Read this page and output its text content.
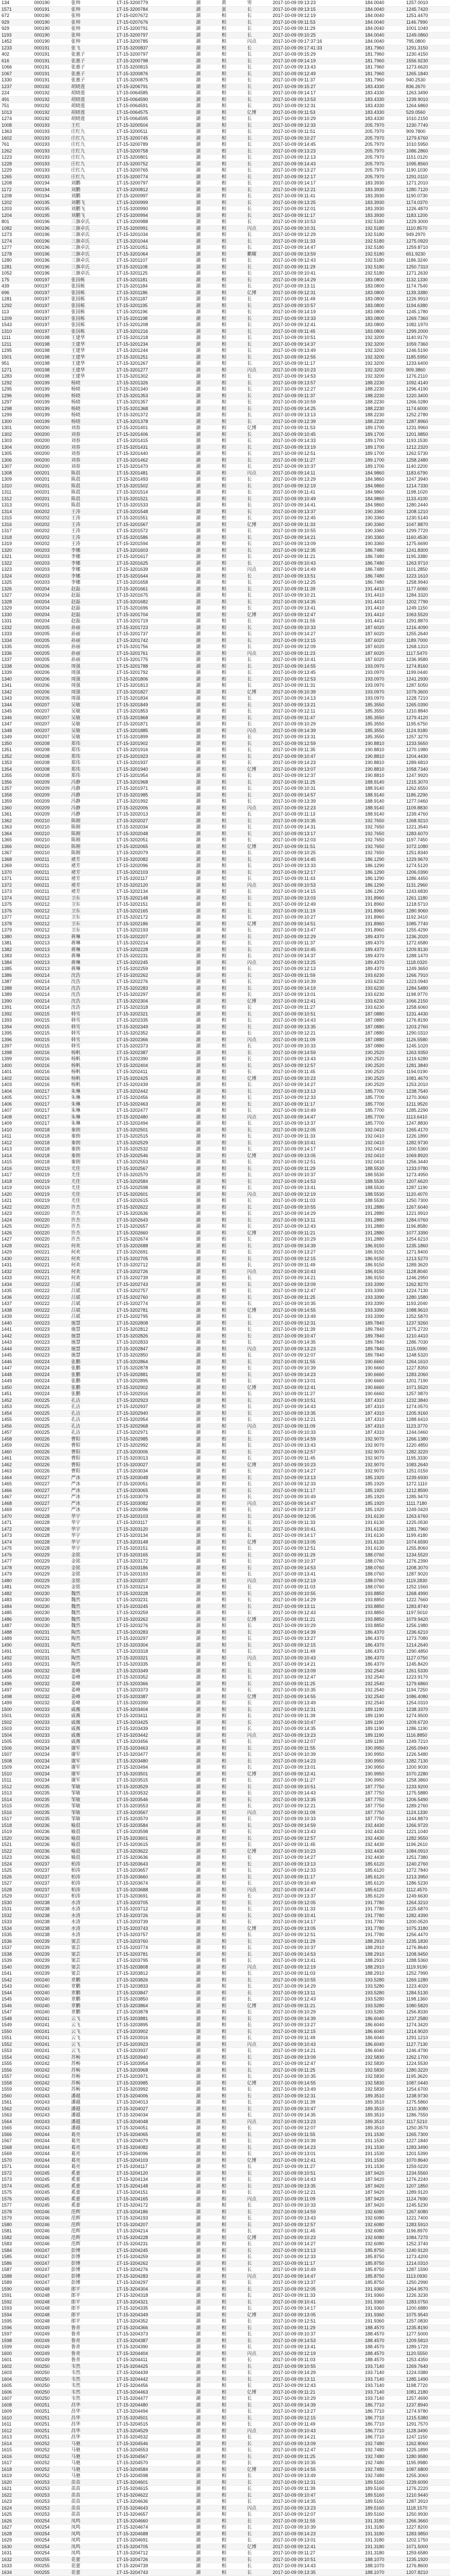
134	000190	张帅	1T-15-3200779	湖	黄	男	2017-10-09 09:13:23	184.0040	1257.0010
1571	000191	张帅	1T-15-3200784	湖	蛋	长	2017-10-09 09:13:15	184.0040	1245.7420
672	000190	张帅	1T-15-0207672	湖	相	长	2017-10-09 09:12:19	184.0040	1251.4470
929	000190	张帅	1T-15-0207676	湖	相	长	2017-10-09 09:11:53	184.0040	1146.7990
929	000190	张帅	1T-15-3200791	湖	相	长	2017-10-09 09:11:29	184.0040	1001.1040
1193	000190	张帅	1T-15-3200797	湖	相	长	2017-10-09 09:10:25	184.0040	1249.0860
1452	000190	张帅	1T-15-3200785	湖	相	闪点	2017-10-09 09:17:37:16	184.0040	795.0800
1233	000191	张飞	1T-15-3200837	湖	相	长	2017-10-09 09:17:41:33	181.7960	1291.3150
402	000191	张惠子	1T-15-3200797	湖	相	长	2017-10-09 09:15:29	181.7960	1230.4150
616	000191	张惠子	1T-15-3200798	湖	相	长	2017-10-09 09:14:19	181.7960	1556.9230
1066	000191	张惠子	1T-15-3200815	湖	相	长	2017-10-09 09:13:43	181.7960	1273.6620
1067	000191	张惠子	1T-15-3200876	湖	相	长	2017-10-09 09:12:49	181.7960	1265.1840
1330	000191	张惠子	1T-15-3200875	湖	相	长	2017-10-09 09:11:37	181.7960	940.2530
1237	000192	胡晓莲	1T-15-3206791	湖	相	长	2017-10-09 09:15:27	183.4330	836.2670
224	000192	胡晓莲	1T-15-0064585	湖	相	长	2017-10-09 09:14:17	183.4330	1263.3490
491	000192	胡晓莲	1T-15-0064590	湖	相	长	2017-10-09 09:13:53	183.4330	1239.9010
751	000192	胡晓莲	1T-15-0064591	湖	相	长	2017-10-09 09:12:31	183.4330	1264.6860
1013	000192	胡晓莲	1T-15-0064575	湖	相	亿博	2017-10-09 09:11:53	183.4330	529.0560
1274	000192	胡晓莲	1T-15-0064595	湖	相	长	2017-10-09 09:10:29	183.4330	1010.2150
1008	000193	王红	1T-15-3200504	湖	相	长	2017-10-09 09:12:33	205.7970	1230.7740
1363	000193	庄红九	1T-15-3200511	湖	相	长	2017-10-09 09:11:51	205.7970	909.7800
1602	000193	庄红九	1T-15-3200745	湖	相	长	2017-10-09 09:10:27	205.7970	1279.6760
761	000193	庄红九	1T-15-3200789	湖	相	长	2017-10-09 09:14:45	205.7970	1010.5950
1262	000193	庄红九	1T-15-3200758	湖	相	长	2017-10-09 09:13:23	205.7970	1086.2860
1223	000193	庄红九	1T-15-3200801	湖	相	长	2017-10-09 09:12:13	205.7970	1151.0120
1228	000193	庄红九	1T-15-3200752	湖	相	长	2017-10-09 09:14:43	205.7970	1095.8560
1229	000193	庄红九	1T-15-3200765	湖	相	长	2017-10-09 09:13:27	205.7970	1190.1030
1265	000193	庄红九	1T-15-3200774	湖	相	长	2017-10-09 09:12:17	205.7970	1291.0110
1208	000194	刘鹏	1T-15-3200797	湖	相	长	2017-10-09 09:14:17	183.3930	1271.2010
1172	000194	刘鹏	1T-15-3200812	湖	相	长	2017-10-09 09:12:21	183.3930	1280.7120
1208	000194	刘鹏	1T-15-3200997	湖	相	长	2017-10-09 09:11:41	183.3930	1190.0730
1202	000195	刘鹏飞	1T-15-3200999	湖	相	长	2017-10-09 09:13:25	183.3930	1174.0370
1203	000195	刘鹏飞	1T-15-3200990	湖	相	长	2017-10-09 09:12:01	183.3930	1226.4870
1204	000195	刘鹏飞	1T-15-3200994	湖	相	长	2017-10-09 09:11:17	183.3930	1183.1200
801	000196	三旗卓氏	1T-15-3200988	湖	相	长	2017-10-09 09:10:53	192.5180	1229.3000
1082	000196	三旗卓氏	1T-15-3200991	湖	相	闪点	2017-10-09 09:10:31	192.5180	1110.8570
1273	000196	三旗卓氏	1T-15-3201034	湖	相	长	2017-10-09 09:12:29	192.5180	949.2970
1274	000196	三旗卓氏	1T-15-3201044	湖	相	长	2017-10-09 09:11:33	192.5180	1275.0920
1277	000196	三旗卓氏	1T-15-3201051	湖	相	长	2017-10-09 09:14:47	192.5180	1259.8710
1278	000196	三旗卓氏	1T-15-3201064	湖	相	鹏耀	2017-10-09 09:13:59	192.5180	651.9230
1280	000196	三旗卓氏	1T-15-3201107	湖	相	长	2017-10-09 09:12:43	192.5180	1186.3240
1281	000196	三旗卓氏	1T-15-3201108	湖	相	长	2017-10-09 09:11:29	192.5180	1250.7310
1052	000196	三旗卓氏	1T-15-3201125	湖	相	长	2017-10-09 09:10:41	192.5180	1271.2630
175	000197	张国栋	1T-15-3201181	湖	相	长	2017-10-09 09:14:29	183.0800	1132.1330
439	000197	张国栋	1T-15-3201184	湖	相	长	2017-10-09 09:13:11	183.0800	1174.7540
696	000197	张国栋	1T-15-3201186	湖	相	亿博	2017-10-09 09:12:31	183.0800	1139.3380
1281	000197	张国栋	1T-15-3201187	湖	相	长	2017-10-09 09:11:49	183.0800	1226.9910
1292	000197	张国栋	1T-15-3201195	湖	相	长	2017-10-09 09:10:57	183.0800	1194.6380
113	000197	张国栋	1T-15-3201196	湖	相	长	2017-10-09 09:14:19	183.0800	1245.1780
1209	000197	张国栋	1T-15-3201198	湖	相	长	2017-10-09 09:13:33	183.0800	1269.7360
1543	000197	张国栋	1T-15-3201208	湖	相	长	2017-10-09 09:12:41	183.0800	1082.1970
1310	000197	张国栋	1T-15-3201216	湖	相	长	2017-10-09 09:11:45	183.0800	1299.2000
1111	000198	王建华	1T-15-3201218	湖	相	长	2017-10-09 09:10:51	192.3200	1140.9170
1211	000198	王建华	1T-15-3201234	湖	相	长	2017-10-09 09:14:37	192.3200	1059.7360
1295	000198	王建华	1T-15-3201244	湖	相	长	2017-10-09 09:13:49	192.3200	1246.5190
1501	000198	王建华	1T-15-3201251	湖	相	长	2017-10-09 09:12:55	192.3200	1185.5950
951	000198	王建华	1T-15-3201267	湖	相	长	2017-10-09 09:11:17	192.3200	1233.6400
1271	000198	王建华	1T-15-3201277	湖	相	闪点	2017-10-09 09:10:23	192.3200	909.3860
1283	000198	王建华	1T-15-3201302	湖	相	长	2017-10-09 09:14:53	192.3200	1276.2110
1292	000199	杨晓	1T-15-3201326	湖	相	长	2017-10-09 09:13:57	188.2230	1092.4140
1295	000199	杨晓	1T-15-3201340	湖	相	长	2017-10-09 09:12:27	188.2230	1296.4190
1296	000199	杨晓	1T-15-3201353	湖	相	长	2017-10-09 09:11:37	188.2230	1220.3400
1297	000199	杨晓	1T-15-3201357	湖	相	长	2017-10-09 09:10:59	188.2230	1266.0280
1298	000199	杨晓	1T-15-3201368	湖	相	长	2017-10-09 09:14:25	188.2230	1174.6000
1299	000199	杨晓	1T-15-3201372	湖	相	长	2017-10-09 09:13:13	188.2230	1252.2780
1300	000199	杨晓	1T-15-3201378	湖	相	长	2017-10-09 09:12:39	188.2230	1287.8960
1301	000200	刘春	1T-15-3201401	湖	相	亿博	2017-10-09 09:11:53	189.1700	1231.9960
1302	000200	刘春	1T-15-3201406	湖	相	长	2017-10-09 09:10:45	189.1700	1201.9850
1303	000200	刘春	1T-15-3201415	湖	相	长	2017-10-09 09:14:33	189.1700	1193.1530
1304	000200	刘春	1T-15-3201431	湖	相	长	2017-10-09 09:13:19	189.1700	1212.2320
1305	000200	刘春	1T-15-3201440	湖	相	长	2017-10-09 09:12:51	189.1700	1262.5730
1306	000200	刘春	1T-15-3201462	湖	相	长	2017-10-09 09:11:27	189.1700	1258.2480
1307	000200	刘春	1T-15-3201470	湖	相	长	2017-10-09 09:10:37	189.1700	1140.2200
1308	000201	陈晨	1T-15-3201481	湖	相	闪点	2017-10-09 09:14:11	184.9860	1183.6790
1309	000201	陈晨	1T-15-3201493	湖	相	长	2017-10-09 09:13:29	184.9860	1247.3940
1310	000201	陈晨	1T-15-3201502	湖	相	长	2017-10-09 09:12:19	184.9860	1214.7330
1311	000201	陈晨	1T-15-3201514	湖	相	长	2017-10-09 09:11:41	184.9860	1198.1020
1312	000201	陈晨	1T-15-3201521	湖	相	长	2017-10-09 09:10:49	184.9860	1133.4100
1313	000201	陈晨	1T-15-3201533	湖	相	长	2017-10-09 09:14:41	184.9860	1280.2440
1314	000202	王涛	1T-15-3201548	湖	相	长	2017-10-09 09:13:37	190.3360	1208.1210
1315	000202	王涛	1T-15-3201551	湖	相	长	2017-10-09 09:12:45	190.3360	1230.5140
1316	000202	王涛	1T-15-3201567	湖	相	亿博	2017-10-09 09:11:33	190.3360	1047.8870
1317	000202	王涛	1T-15-3201572	湖	相	长	2017-10-09 09:10:55	190.3360	1299.7720
1318	000202	王涛	1T-15-3201586	湖	相	长	2017-10-09 09:14:21	190.3360	1160.4530
1319	000202	王涛	1T-15-3201594	湖	相	长	2017-10-09 09:13:09	190.3360	1275.6690
1320	000203	李娜	1T-15-3201603	湖	相	长	2017-10-09 09:12:35	186.7480	1241.8300
1321	000203	李娜	1T-15-3201617	湖	相	长	2017-10-09 09:11:21	186.7480	1195.3380
1322	000203	李娜	1T-15-3201625	湖	相	长	2017-10-09 09:10:43	186.7480	1263.9710
1323	000203	李娜	1T-15-3201639	湖	相	闪点	2017-10-09 09:14:49	186.7480	1101.2850
1324	000203	李娜	1T-15-3201644	湖	相	长	2017-10-09 09:13:51	186.7480	1223.1610
1325	000203	李娜	1T-15-3201658	湖	相	长	2017-10-09 09:12:25	186.7480	1258.9940
1326	000204	赵磊	1T-15-3201661	湖	相	长	2017-10-09 09:11:39	191.4410	1177.6060
1327	000204	赵磊	1T-15-3201675	湖	相	长	2017-10-09 09:10:21	191.4410	1284.3320
1328	000204	赵磊	1T-15-3201682	湖	相	长	2017-10-09 09:14:35	191.4410	1202.7790
1329	000204	赵磊	1T-15-3201696	湖	相	长	2017-10-09 09:13:41	191.4410	1249.1150
1330	000204	赵磊	1T-15-3201704	湖	相	亿博	2017-10-09 09:12:47	191.4410	1063.5520
1331	000204	赵磊	1T-15-3201719	湖	相	长	2017-10-09 09:11:55	191.4410	1291.8870
1332	000205	孙丽	1T-15-3201723	湖	相	长	2017-10-09 09:10:33	187.6020	1216.4090
1333	000205	孙丽	1T-15-3201737	湖	相	长	2017-10-09 09:14:27	187.6020	1255.2640
1334	000205	孙丽	1T-15-3201742	湖	相	长	2017-10-09 09:13:15	187.6020	1189.7000
1335	000205	孙丽	1T-15-3201756	湖	相	长	2017-10-09 09:12:09	187.6020	1268.1310
1336	000205	孙丽	1T-15-3201761	湖	相	闪点	2017-10-09 09:11:23	187.6020	1117.5470
1337	000205	孙丽	1T-15-3201775	湖	相	长	2017-10-09 09:10:41	187.6020	1236.9580
1338	000206	周强	1T-15-3201788	湖	相	长	2017-10-09 09:14:55	193.0970	1274.8160
1339	000206	周强	1T-15-3201792	湖	相	长	2017-10-09 09:13:45	193.0970	1199.0440
1340	000206	周强	1T-15-3201806	湖	相	长	2017-10-09 09:12:53	193.0970	1241.2930
1341	000206	周强	1T-15-3201813	湖	相	长	2017-10-09 09:11:31	193.0970	1287.5050
1342	000206	周强	1T-15-3201827	湖	相	亿博	2017-10-09 09:10:39	193.0970	1079.3600
1343	000206	周强	1T-15-3201834	湖	相	长	2017-10-09 09:14:13	193.0970	1228.7210
1344	000207	吴敏	1T-15-3201849	湖	相	长	2017-10-09 09:13:21	185.3550	1265.0390
1345	000207	吴敏	1T-15-3201853	湖	相	长	2017-10-09 09:12:11	185.3550	1210.8840
1346	000207	吴敏	1T-15-3201868	湖	相	长	2017-10-09 09:11:47	185.3550	1279.4120
1347	000207	吴敏	1T-15-3201871	湖	相	长	2017-10-09 09:10:29	185.3550	1195.6750
1348	000207	吴敏	1T-15-3201885	湖	相	闪点	2017-10-09 09:14:39	185.3550	1124.9180
1349	000207	吴敏	1T-15-3201899	湖	相	长	2017-10-09 09:13:31	185.3550	1257.3270
1350	000208	郑伟	1T-15-3201902	湖	相	长	2017-10-09 09:12:59	190.8810	1233.5650
1351	000208	郑伟	1T-15-3201916	湖	相	长	2017-10-09 09:11:35	190.8810	1270.1980
1352	000208	郑伟	1T-15-3201923	湖	相	长	2017-10-09 09:10:47	190.8810	1204.4430
1353	000208	郑伟	1T-15-3201937	湖	相	长	2017-10-09 09:14:23	190.8810	1289.6810
1354	000208	郑伟	1T-15-3201940	湖	相	亿博	2017-10-09 09:13:07	190.8810	1058.7340
1355	000208	郑伟	1T-15-3201954	湖	相	长	2017-10-09 09:12:37	190.8810	1247.9920
1356	000209	冯静	1T-15-3201968	湖	相	长	2017-10-09 09:11:25	188.9140	1215.3070
1357	000209	冯静	1T-15-3201971	湖	相	长	2017-10-09 09:10:31	188.9140	1262.6550
1358	000209	冯静	1T-15-3201985	湖	相	长	2017-10-09 09:14:57	188.9140	1186.2290
1359	000209	冯静	1T-15-3201992	湖	相	长	2017-10-09 09:13:39	188.9140	1277.0460
1360	000209	冯静	1T-15-3202006	湖	相	闪点	2017-10-09 09:12:23	188.9140	1109.8830
1361	000209	冯静	1T-15-3202013	湖	相	长	2017-10-09 09:11:13	188.9140	1239.4760
1362	000210	陈刚	1T-15-3202027	湖	相	长	2017-10-09 09:10:35	192.7650	1268.9210
1363	000210	陈刚	1T-15-3202034	湖	相	长	2017-10-09 09:14:31	192.7650	1221.3540
1364	000210	陈刚	1T-15-3202048	湖	相	长	2017-10-09 09:13:17	192.7650	1283.6070
1365	000210	陈刚	1T-15-3202051	湖	相	长	2017-10-09 09:12:03	192.7650	1197.7450
1366	000210	陈刚	1T-15-3202065	湖	相	亿博	2017-10-09 09:11:51	192.7650	1072.1080
1367	000210	陈刚	1T-15-3202079	湖	相	长	2017-10-09 09:10:25	192.7650	1251.8340
1368	000211	褚芳	1T-15-3202082	湖	相	长	2017-10-09 09:14:45	186.1290	1229.9670
1369	000211	褚芳	1T-15-3202096	湖	相	长	2017-10-09 09:13:33	186.1290	1274.5120
1370	000211	褚芳	1T-15-3202103	湖	相	长	2017-10-09 09:12:17	186.1290	1206.0390
1371	000211	褚芳	1T-15-3202117	湖	相	长	2017-10-09 09:11:43	186.1290	1286.4450
1372	000211	褚芳	1T-15-3202120	湖	相	闪点	2017-10-09 09:10:53	186.1290	1131.2960
1373	000211	褚芳	1T-15-3202134	湖	相	长	2017-10-09 09:14:15	186.1290	1243.6830
1374	000212	卫东	1T-15-3202148	湖	相	长	2017-10-09 09:13:03	191.8960	1261.1180
1375	000212	卫东	1T-15-3202151	湖	相	长	2017-10-09 09:12:49	191.8960	1218.5710
1376	000212	卫东	1T-15-3202165	湖	相	长	2017-10-09 09:11:19	191.8960	1280.9060
1377	000212	卫东	1T-15-3202172	湖	相	长	2017-10-09 09:10:27	191.8960	1192.3410
1378	000212	卫东	1T-15-3202186	湖	相	亿博	2017-10-09 09:14:51	191.8960	1085.7740
1379	000212	卫东	1T-15-3202193	湖	相	长	2017-10-09 09:13:47	191.8960	1255.4290
1380	000213	蒋琳	1T-15-3202207	湖	相	长	2017-10-09 09:12:29	189.4370	1236.2020
1381	000213	蒋琳	1T-15-3202214	湖	相	长	2017-10-09 09:11:37	189.4370	1272.6580
1382	000213	蒋琳	1T-15-3202228	湖	相	长	2017-10-09 09:10:45	189.4370	1209.8130
1383	000213	蒋琳	1T-15-3202231	湖	相	长	2017-10-09 09:14:37	189.4370	1288.1470
1384	000213	蒋琳	1T-15-3202245	湖	相	闪点	2017-10-09 09:13:25	189.4370	1118.0320
1385	000213	蒋琳	1T-15-3202259	湖	相	长	2017-10-09 09:12:13	189.4370	1249.3650
1386	000214	沈浩	1T-15-3202262	湖	相	长	2017-10-09 09:11:59	193.6230	1266.7910
1387	000214	沈浩	1T-15-3202276	湖	相	长	2017-10-09 09:10:39	193.6230	1223.0940
1388	000214	沈浩	1T-15-3202283	湖	相	长	2017-10-09 09:14:19	193.6230	1284.5480
1389	000214	沈浩	1T-15-3202297	湖	相	长	2017-10-09 09:13:01	193.6230	1198.9770
1390	000214	沈浩	1T-15-3202304	湖	相	亿博	2017-10-09 09:12:41	193.6230	1066.2150
1391	000214	沈浩	1T-15-3202318	湖	相	长	2017-10-09 09:11:27	193.6230	1258.6060
1392	000215	韩雪	1T-15-3202321	湖	相	长	2017-10-09 09:10:51	187.0880	1231.4430
1393	000215	韩雪	1T-15-3202335	湖	相	长	2017-10-09 09:14:43	187.0880	1276.8190
1394	000215	韩雪	1T-15-3202349	湖	相	长	2017-10-09 09:13:35	187.0880	1203.2760
1395	000215	韩雪	1T-15-3202352	湖	相	长	2017-10-09 09:12:21	187.0880	1290.0310
1396	000215	韩雪	1T-15-3202366	湖	相	闪点	2017-10-09 09:11:09	187.0880	1126.5580
1397	000215	韩雪	1T-15-3202373	湖	相	长	2017-10-09 09:10:33	187.0880	1245.1020
1398	000216	杨帆	1T-15-3202387	湖	相	长	2017-10-09 09:14:59	190.2520	1263.9350
1399	000216	杨帆	1T-15-3202390	湖	相	长	2017-10-09 09:13:43	190.2520	1219.6280
1400	000216	杨帆	1T-15-3202404	湖	相	长	2017-10-09 09:12:57	190.2520	1281.3840
1401	000216	杨帆	1T-15-3202411	湖	相	长	2017-10-09 09:11:45	190.2520	1194.0190
1402	000216	杨帆	1T-15-3202425	湖	相	亿博	2017-10-09 09:10:23	190.2520	1081.4670
1403	000216	杨帆	1T-15-3202439	湖	相	长	2017-10-09 09:14:27	190.2520	1253.2010
1404	000217	朱琳	1T-15-3202442	湖	相	长	2017-10-09 09:13:13	185.7700	1238.7540
1405	000217	朱琳	1T-15-3202456	湖	相	长	2017-10-09 09:12:33	185.7700	1270.3060
1406	000217	朱琳	1T-15-3202463	湖	相	长	2017-10-09 09:11:17	185.7700	1211.9520
1407	000217	朱琳	1T-15-3202477	湖	相	长	2017-10-09 09:10:49	185.7700	1285.2290
1408	000217	朱琳	1T-15-3202480	湖	相	闪点	2017-10-09 09:14:47	185.7700	1113.6410
1409	000217	朱琳	1T-15-3202494	湖	相	长	2017-10-09 09:13:37	185.7700	1247.8830
1410	000218	秦朗	1T-15-3202501	湖	相	长	2017-10-09 09:12:05	192.0410	1265.4170
1411	000218	秦朗	1T-15-3202515	湖	相	长	2017-10-09 09:11:33	192.0410	1226.1890
1412	000218	秦朗	1T-15-3202529	湖	相	长	2017-10-09 09:10:41	192.0410	1282.9730
1413	000218	秦朗	1T-15-3202532	湖	相	长	2017-10-09 09:14:17	192.0410	1200.5360
1414	000218	秦朗	1T-15-3202546	湖	相	亿博	2017-10-09 09:13:05	192.0410	1069.8920
1415	000218	秦朗	1T-15-3202553	湖	相	长	2017-10-09 09:12:51	192.0410	1256.3440
1416	000219	尤佳	1T-15-3202567	湖	相	长	2017-10-09 09:11:29	188.5530	1233.0780
1417	000219	尤佳	1T-15-3202570	湖	相	长	2017-10-09 09:10:37	188.5530	1273.4950
1418	000219	尤佳	1T-15-3202584	湖	相	长	2017-10-09 09:14:53	188.5530	1207.6620
1419	000219	尤佳	1T-15-3202598	湖	相	长	2017-10-09 09:13:41	188.5530	1287.1190
1420	000219	尤佳	1T-15-3202601	湖	相	闪点	2017-10-09 09:12:19	188.5530	1120.4070
1421	000219	尤佳	1T-15-3202615	湖	相	长	2017-10-09 09:11:03	188.5530	1250.7300
1422	000220	许杰	1T-15-3202622	湖	相	长	2017-10-09 09:10:55	191.2880	1267.6040
1423	000220	许杰	1T-15-3202636	湖	相	长	2017-10-09 09:14:29	191.2880	1221.9910
1424	000220	许杰	1T-15-3202643	湖	相	长	2017-10-09 09:13:11	191.2880	1284.0760
1425	000220	许杰	1T-15-3202657	湖	相	长	2017-10-09 09:12:43	191.2880	1196.8580
1426	000220	许杰	1T-15-3202660	湖	相	亿博	2017-10-09 09:11:21	191.2880	1077.3390
1427	000220	许杰	1T-15-3202674	湖	相	长	2017-10-09 09:10:29	191.2880	1254.6210
1428	000221	何欢	1T-15-3202688	湖	相	长	2017-10-09 09:14:39	186.9150	1235.1860
1429	000221	何欢	1T-15-3202691	湖	相	长	2017-10-09 09:13:27	186.9150	1271.8400
1430	000221	何欢	1T-15-3202705	湖	相	长	2017-10-09 09:12:15	186.9150	1213.5270
1431	000221	何欢	1T-15-3202712	湖	相	长	2017-10-09 09:11:49	186.9150	1289.3620
1432	000221	何欢	1T-15-3202726	湖	相	闪点	2017-10-09 09:10:43	186.9150	1128.8040
1433	000221	何欢	1T-15-3202739	湖	相	长	2017-10-09 09:14:21	186.9150	1246.2950
1434	000222	吕斌	1T-15-3202743	湖	相	长	2017-10-09 09:13:09	193.3390	1262.8270
1435	000222	吕斌	1T-15-3202757	湖	相	长	2017-10-09 09:12:47	193.3390	1224.7130
1436	000222	吕斌	1T-15-3202760	湖	相	长	2017-10-09 09:11:25	193.3390	1280.1580
1437	000222	吕斌	1T-15-3202774	湖	相	长	2017-10-09 09:10:35	193.3390	1193.2040
1438	000222	吕斌	1T-15-3202781	湖	相	亿博	2017-10-09 09:14:55	193.3390	1088.9610
1439	000222	吕斌	1T-15-3202795	湖	相	长	2017-10-09 09:13:49	193.3390	1252.5870
1440	000223	施慧	1T-15-3202808	湖	相	长	2017-10-09 09:12:31	189.7840	1237.9260
1441	000223	施慧	1T-15-3202812	湖	相	长	2017-10-09 09:11:39	189.7840	1275.2720
1442	000223	施慧	1T-15-3202826	湖	相	长	2017-10-09 09:10:47	189.7840	1210.4410
1443	000223	施慧	1T-15-3202833	湖	相	长	2017-10-09 09:14:35	189.7840	1286.7030
1444	000223	施慧	1T-15-3202847	湖	相	闪点	2017-10-09 09:13:23	189.7840	1115.0990
1445	000223	施慧	1T-15-3202850	湖	相	长	2017-10-09 09:12:07	189.7840	1248.5320
1446	000224	张鹏	1T-15-3202864	湖	相	长	2017-10-09 09:11:55	190.6660	1264.1610
1447	000224	张鹏	1T-15-3202878	湖	相	长	2017-10-09 09:10:39	190.6660	1227.8350
1448	000224	张鹏	1T-15-3202881	湖	相	长	2017-10-09 09:14:23	190.6660	1283.2060
1449	000224	张鹏	1T-15-3202895	湖	相	长	2017-10-09 09:13:01	190.6660	1201.7190
1450	000224	张鹏	1T-15-3202902	湖	相	亿博	2017-10-09 09:12:41	190.6660	1071.5520
1451	000224	张鹏	1T-15-3202916	湖	相	长	2017-10-09 09:11:27	190.6660	1257.9870
1452	000225	孔洁	1T-15-3202923	湖	相	长	2017-10-09 09:10:51	187.4310	1232.3840
1453	000225	孔洁	1T-15-3202937	湖	相	长	2017-10-09 09:14:43	187.4310	1274.0570
1454	000225	孔洁	1T-15-3202940	湖	相	长	2017-10-09 09:13:35	187.4310	1205.9160
1455	000225	孔洁	1T-15-3202954	湖	相	长	2017-10-09 09:12:21	187.4310	1288.6410
1456	000225	孔洁	1T-15-3202968	湖	相	闪点	2017-10-09 09:11:09	187.4310	1123.3770
1457	000225	孔洁	1T-15-3202971	湖	相	长	2017-10-09 09:10:33	187.4310	1244.0460
1458	000226	曹阳	1T-15-3202985	湖	相	长	2017-10-09 09:14:59	192.9070	1266.1380
1459	000226	曹阳	1T-15-3202992	湖	相	长	2017-10-09 09:13:43	192.9070	1220.4850
1460	000226	曹阳	1T-15-3203006	湖	相	长	2017-10-09 09:12:57	192.9070	1282.3220
1461	000226	曹阳	1T-15-3203013	湖	相	长	2017-10-09 09:11:45	192.9070	1195.3330
1462	000226	曹阳	1T-15-3203027	湖	相	亿博	2017-10-09 09:10:23	192.9070	1083.2640
1463	000226	曹阳	1T-15-3203034	湖	相	长	2017-10-09 09:14:27	192.9070	1251.0150
1464	000227	严冰	1T-15-3203048	湖	相	长	2017-10-09 09:13:13	185.1920	1239.6930
1465	000227	严冰	1T-15-3203051	湖	相	长	2017-10-09 09:12:33	185.1920	1272.1110
1466	000227	严冰	1T-15-3203065	湖	相	长	2017-10-09 09:11:17	185.1920	1212.8590
1467	000227	严冰	1T-15-3203079	湖	相	长	2017-10-09 09:10:49	185.1920	1285.9470
1468	000227	严冰	1T-15-3203082	湖	相	闪点	2017-10-09 09:14:47	185.1920	1111.7180
1469	000227	严冰	1T-15-3203096	湖	相	长	2017-10-09 09:13:37	185.1920	1249.0420
1470	000228	华宇	1T-15-3203103	湖	相	长	2017-10-09 09:12:05	191.6130	1263.6760
1471	000228	华宇	1T-15-3203117	湖	相	长	2017-10-09 09:11:33	191.6130	1225.0530
1472	000228	华宇	1T-15-3203120	湖	相	长	2017-10-09 09:10:41	191.6130	1281.7960
1473	000228	华宇	1T-15-3203134	湖	相	长	2017-10-09 09:14:17	191.6130	1199.4180
1474	000228	华宇	1T-15-3203148	湖	相	亿博	2017-10-09 09:13:05	191.6130	1074.6590
1475	000228	华宇	1T-15-3203151	湖	相	长	2017-10-09 09:12:51	191.6130	1255.8060
1476	000229	金铭	1T-15-3203165	湖	相	长	2017-10-09 09:11:29	188.0760	1234.5520
1477	000229	金铭	1T-15-3203172	湖	相	长	2017-10-09 09:10:37	188.0760	1276.2390
1478	000229	金铭	1T-15-3203186	湖	相	长	2017-10-09 09:14:53	188.0760	1208.3070
1479	000229	金铭	1T-15-3203193	湖	相	长	2017-10-09 09:13:41	188.0760	1287.9020
1480	000229	金铭	1T-15-3203207	湖	相	闪点	2017-10-09 09:12:19	188.0760	1119.2830
1481	000229	金铭	1T-15-3203214	湖	相	长	2017-10-09 09:11:03	188.0760	1252.1560
1482	000230	魏然	1T-15-3203228	湖	相	长	2017-10-09 09:10:55	193.8850	1268.4990
1483	000230	魏然	1T-15-3203231	湖	相	长	2017-10-09 09:14:29	193.8850	1222.7660
1484	000230	魏然	1T-15-3203245	湖	相	长	2017-10-09 09:13:11	193.8850	1283.8740
1485	000230	魏然	1T-15-3203259	湖	相	长	2017-10-09 09:12:43	193.8850	1197.5010
1486	000230	魏然	1T-15-3203262	湖	相	亿博	2017-10-09 09:11:21	193.8850	1079.9420
1487	000230	魏然	1T-15-3203276	湖	相	长	2017-10-09 09:10:29	193.8850	1256.1980
1488	000231	陶然	1T-15-3203283	湖	相	长	2017-10-09 09:14:39	186.4370	1236.6210
1489	000231	陶然	1T-15-3203297	湖	相	长	2017-10-09 09:13:27	186.4370	1273.7080
1490	000231	陶然	1T-15-3203304	湖	相	长	2017-10-09 09:12:15	186.4370	1214.2640
1491	000231	陶然	1T-15-3203318	湖	相	长	2017-10-09 09:11:49	186.4370	1290.4850
1492	000231	陶然	1T-15-3203321	湖	相	闪点	2017-10-09 09:10:43	186.4370	1127.0750
1493	000231	陶然	1T-15-3203335	湖	相	长	2017-10-09 09:14:21	186.4370	1245.8420
1494	000232	姜峰	1T-15-3203349	湖	相	长	2017-10-09 09:13:09	192.2540	1261.5330
1495	000232	姜峰	1T-15-3203352	湖	相	长	2017-10-09 09:12:47	192.2540	1223.9170
1496	000232	姜峰	1T-15-3203366	湖	相	长	2017-10-09 09:11:25	192.2540	1279.6860
1497	000232	姜峰	1T-15-3203373	湖	相	长	2017-10-09 09:10:35	192.2540	1194.7250
1498	000232	姜峰	1T-15-3203387	湖	相	亿博	2017-10-09 09:14:55	192.2540	1086.4080
1499	000232	姜峰	1T-15-3203390	湖	相	长	2017-10-09 09:13:49	192.2540	1254.0310
1500	000233	戚薇	1T-15-3203404	湖	相	长	2017-10-09 09:12:31	189.1190	1238.3370
1501	000233	戚薇	1T-15-3203411	湖	相	长	2017-10-09 09:11:39	189.1190	1274.9500
1502	000233	戚薇	1T-15-3203425	湖	相	长	2017-10-09 09:10:47	189.1190	1209.6720
1503	000233	戚薇	1T-15-3203439	湖	相	长	2017-10-09 09:14:35	189.1190	1286.1190
1504	000233	戚薇	1T-15-3203442	湖	相	闪点	2017-10-09 09:13:23	189.1190	1116.8850
1505	000233	戚薇	1T-15-3203456	湖	相	长	2017-10-09 09:12:07	189.1190	1249.7210
1506	000234	谢军	1T-15-3203463	湖	相	长	2017-10-09 09:11:55	190.9950	1265.0940
1507	000234	谢军	1T-15-3203477	湖	相	长	2017-10-09 09:10:39	190.9950	1226.5480
1508	000234	谢军	1T-15-3203480	湖	相	长	2017-10-09 09:14:23	190.9950	1282.7130
1509	000234	谢军	1T-15-3203494	湖	相	长	2017-10-09 09:13:01	190.9950	1200.9030
1510	000234	谢军	1T-15-3203501	湖	相	亿博	2017-10-09 09:12:41	190.9950	1070.2280
1511	000234	谢军	1T-15-3203515	湖	相	长	2017-10-09 09:11:27	190.9950	1258.3860
1512	000235	邹敏	1T-15-3203529	湖	相	长	2017-10-09 09:10:51	187.7750	1233.9200
1513	000235	邹敏	1T-15-3203532	湖	相	长	2017-10-09 09:14:43	187.7750	1275.5880
1514	000235	邹敏	1T-15-3203546	湖	相	长	2017-10-09 09:13:35	187.7750	1206.5490
1515	000235	邹敏	1T-15-3203553	湖	相	长	2017-10-09 09:12:21	187.7750	1289.2760
1516	000235	邹敏	1T-15-3203567	湖	相	闪点	2017-10-09 09:11:09	187.7750	1124.1330
1517	000235	邹敏	1T-15-3203570	湖	相	长	2017-10-09 09:10:33	187.7750	1244.8870
1518	000236	喻晨	1T-15-3203584	湖	相	长	2017-10-09 09:14:59	192.4430	1266.9720
1519	000236	喻晨	1T-15-3203598	湖	相	长	2017-10-09 09:13:43	192.4430	1221.1040
1520	000236	喻晨	1T-15-3203601	湖	相	长	2017-10-09 09:12:57	192.4430	1282.9550
1521	000236	喻晨	1T-15-3203615	湖	相	长	2017-10-09 09:11:45	192.4430	1196.2610
1522	000236	喻晨	1T-15-3203622	湖	相	亿博	2017-10-09 09:10:23	192.4430	1084.0910
1523	000236	喻晨	1T-15-3203636	湖	相	长	2017-10-09 09:14:27	192.4430	1251.7380
1524	000237	柏涛	1T-15-3203643	湖	相	长	2017-10-09 09:13:13	185.6120	1240.2760
1525	000237	柏涛	1T-15-3203657	湖	相	长	2017-10-09 09:12:33	185.6120	1272.7840
1526	000237	柏涛	1T-15-3203660	湖	相	长	2017-10-09 09:11:17	185.6120	1213.3950
1527	000237	柏涛	1T-15-3203674	湖	相	长	2017-10-09 09:10:49	185.6120	1286.5230
1528	000237	柏涛	1T-15-3203688	湖	相	闪点	2017-10-09 09:14:47	185.6120	1112.4570
1529	000237	柏涛	1T-15-3203691	湖	相	长	2017-10-09 09:13:37	185.6120	1249.6630
1530	000238	水清	1T-15-3203705	湖	相	长	2017-10-09 09:12:05	191.7780	1264.3210
1531	000238	水清	1T-15-3203712	湖	相	长	2017-10-09 09:11:33	191.7780	1225.6870
1532	000238	水清	1T-15-3203726	湖	相	长	2017-10-09 09:10:41	191.7780	1282.4390
1533	000238	水清	1T-15-3203739	湖	相	长	2017-10-09 09:14:17	191.7780	1200.0520
1534	000238	水清	1T-15-3203743	湖	相	亿博	2017-10-09 09:13:05	191.7780	1075.3180
1535	000238	水清	1T-15-3203757	湖	相	长	2017-10-09 09:12:51	191.7780	1256.4470
1536	000239	窦芸	1T-15-3203760	湖	相	长	2017-10-09 09:11:29	188.2910	1235.1830
1537	000239	窦芸	1T-15-3203774	湖	相	长	2017-10-09 09:10:37	188.2910	1276.8640
1538	000239	窦芸	1T-15-3203781	湖	相	长	2017-10-09 09:14:53	188.2910	1208.9450
1539	000239	窦芸	1T-15-3203795	湖	相	长	2017-10-09 09:13:41	188.2910	1288.5360
1540	000239	窦芸	1T-15-3203808	湖	相	闪点	2017-10-09 09:12:19	188.2910	1119.9190
1541	000239	窦芸	1T-15-3203812	湖	相	长	2017-10-09 09:11:03	188.2910	1252.7990
1542	000240	章鹏	1T-15-3203826	湖	相	长	2017-10-09 09:10:55	193.5280	1269.1280
1543	000240	章鹏	1T-15-3203833	湖	相	长	2017-10-09 09:14:29	193.5280	1223.4020
1544	000240	章鹏	1T-15-3203847	湖	相	长	2017-10-09 09:13:11	193.5280	1284.5130
1545	000240	章鹏	1T-15-3203850	湖	相	长	2017-10-09 09:12:43	193.5280	1198.1360
1546	000240	章鹏	1T-15-3203864	湖	相	亿博	2017-10-09 09:11:21	193.5280	1080.5820
1547	000240	章鹏	1T-15-3203878	湖	相	长	2017-10-09 09:10:29	193.5280	1256.8330
1548	000241	云飞	1T-15-3203881	湖	相	长	2017-10-09 09:14:39	186.6040	1237.2580
1549	000241	云飞	1T-15-3203895	湖	相	长	2017-10-09 09:13:27	186.6040	1274.3420
1550	000241	云飞	1T-15-3203902	湖	相	长	2017-10-09 09:12:15	186.6040	1214.9020
1551	000241	云飞	1T-15-3203916	湖	相	长	2017-10-09 09:11:49	186.6040	1291.1210
1552	000241	云飞	1T-15-3203923	湖	相	闪点	2017-10-09 09:10:43	186.6040	1127.7130
1553	000241	云飞	1T-15-3203937	湖	相	长	2017-10-09 09:14:21	186.6040	1246.4790
1554	000242	苏畅	1T-15-3203940	湖	相	长	2017-10-09 09:13:09	192.5830	1262.1700
1555	000242	苏畅	1T-15-3203954	湖	相	长	2017-10-09 09:12:47	192.5830	1224.5530
1556	000242	苏畅	1T-15-3203968	湖	相	长	2017-10-09 09:11:25	192.5830	1280.3220
1557	000242	苏畅	1T-15-3203971	湖	相	长	2017-10-09 09:10:35	192.5830	1195.3620
1558	000242	苏畅	1T-15-3203985	湖	相	亿博	2017-10-09 09:14:55	192.5830	1087.0440
1559	000242	苏畅	1T-15-3203992	湖	相	长	2017-10-09 09:13:49	192.5830	1254.6700
1560	000243	潘越	1T-15-3204006	湖	相	长	2017-10-09 09:12:31	189.3510	1238.9730
1561	000243	潘越	1T-15-3204013	湖	相	长	2017-10-09 09:11:39	189.3510	1275.5860
1562	000243	潘越	1T-15-3204027	湖	相	长	2017-10-09 09:10:47	189.3510	1210.3080
1563	000243	潘越	1T-15-3204034	湖	相	长	2017-10-09 09:14:35	189.3510	1286.7550
1564	000243	潘越	1T-15-3204048	湖	相	闪点	2017-10-09 09:13:23	189.3510	1117.5210
1565	000243	潘越	1T-15-3204051	湖	相	长	2017-10-09 09:12:07	189.3510	1250.3570
1566	000244	葛亮	1T-15-3204065	湖	相	长	2017-10-09 09:11:55	191.1530	1265.7300
1567	000244	葛亮	1T-15-3204079	湖	相	长	2017-10-09 09:10:39	191.1530	1227.1840
1568	000244	葛亮	1T-15-3204082	湖	相	长	2017-10-09 09:14:23	191.1530	1283.3490
1569	000244	葛亮	1T-15-3204096	湖	相	长	2017-10-09 09:13:01	191.1530	1201.5390
1570	000244	葛亮	1T-15-3204103	湖	相	亿博	2017-10-09 09:12:41	191.1530	1070.8640
1571	000244	葛亮	1T-15-3204117	湖	相	长	2017-10-09 09:11:27	191.1530	1259.0220
1572	000245	奚蕾	1T-15-3204120	湖	相	长	2017-10-09 09:10:51	187.9420	1234.5560
1573	000245	奚蕾	1T-15-3204134	湖	相	长	2017-10-09 09:14:43	187.9420	1276.2240
1574	000245	奚蕾	1T-15-3204148	湖	相	长	2017-10-09 09:13:35	187.9420	1207.1850
1575	000245	奚蕾	1T-15-3204151	湖	相	长	2017-10-09 09:12:21	187.9420	1289.9120
1576	000245	奚蕾	1T-15-3204165	湖	相	闪点	2017-10-09 09:11:09	187.9420	1124.7690
1577	000245	奚蕾	1T-15-3204172	湖	相	长	2017-10-09 09:10:33	187.9420	1245.5230
1578	000246	范辉	1T-15-3204186	湖	相	长	2017-10-09 09:14:59	192.6080	1267.6080
1579	000246	范辉	1T-15-3204193	湖	相	长	2017-10-09 09:13:43	192.6080	1221.7400
1580	000246	范辉	1T-15-3204207	湖	相	长	2017-10-09 09:12:57	192.6080	1283.5910
1581	000246	范辉	1T-15-3204214	湖	相	长	2017-10-09 09:11:45	192.6080	1196.8970
1582	000246	范辉	1T-15-3204228	湖	相	亿博	2017-10-09 09:10:23	192.6080	1084.7270
1583	000246	范辉	1T-15-3204231	湖	相	长	2017-10-09 09:14:27	192.6080	1252.3740
1584	000247	彭博	1T-15-3204245	湖	相	长	2017-10-09 09:13:13	185.8750	1240.9120
1585	000247	彭博	1T-15-3204259	湖	相	长	2017-10-09 09:12:33	185.8750	1273.4200
1586	000247	彭博	1T-15-3204262	湖	相	长	2017-10-09 09:11:17	185.8750	1214.0310
1587	000247	彭博	1T-15-3204276	湖	相	长	2017-10-09 09:10:49	185.8750	1287.1590
1588	000247	彭博	1T-15-3204283	湖	相	闪点	2017-10-09 09:14:47	185.8750	1113.0930
1589	000247	彭博	1T-15-3204297	湖	相	长	2017-10-09 09:13:37	185.8750	1250.2990
1590	000248	郎平	1T-15-3204304	湖	相	长	2017-10-09 09:12:05	191.9360	1264.9570
1591	000248	郎平	1T-15-3204318	湖	相	长	2017-10-09 09:11:33	191.9360	1226.3230
1592	000248	郎平	1T-15-3204321	湖	相	长	2017-10-09 09:10:41	191.9360	1283.0750
1593	000248	郎平	1T-15-3204335	湖	相	长	2017-10-09 09:14:17	191.9360	1200.6880
1594	000248	郎平	1T-15-3204349	湖	相	亿博	2017-10-09 09:13:05	191.9360	1075.9540
1595	000248	郎平	1T-15-3204352	湖	相	长	2017-10-09 09:12:51	191.9360	1257.0830
1596	000249	鲁青	1T-15-3204366	湖	相	长	2017-10-09 09:11:29	188.4570	1235.8190
1597	000249	鲁青	1T-15-3204373	湖	相	长	2017-10-09 09:10:37	188.4570	1277.5000
1598	000249	鲁青	1T-15-3204387	湖	相	长	2017-10-09 09:14:53	188.4570	1209.5810
1599	000249	鲁青	1T-15-3204390	湖	相	长	2017-10-09 09:13:41	188.4570	1289.1720
1600	000249	鲁青	1T-15-3204404	湖	相	闪点	2017-10-09 09:12:19	188.4570	1120.5550
1601	000249	鲁青	1T-15-3204411	湖	相	长	2017-10-09 09:11:03	188.4570	1253.4350
1602	000250	韦然	1T-15-3204425	湖	相	长	2017-10-09 09:10:55	193.7140	1269.7640
1603	000250	韦然	1T-15-3204439	湖	相	长	2017-10-09 09:14:29	193.7140	1224.0380
1604	000250	韦然	1T-15-3204442	湖	相	长	2017-10-09 09:13:11	193.7140	1285.1490
1605	000250	韦然	1T-15-3204456	湖	相	长	2017-10-09 09:12:43	193.7140	1198.7720
1606	000250	韦然	1T-15-3204463	湖	相	亿博	2017-10-09 09:11:21	193.7140	1081.2180
1607	000250	韦然	1T-15-3204477	湖	相	长	2017-10-09 09:10:29	193.7140	1257.4690
1608	000251	昌华	1T-15-3204480	湖	相	长	2017-10-09 09:14:39	186.7710	1237.8940
1609	000251	昌华	1T-15-3204494	湖	相	长	2017-10-09 09:13:27	186.7710	1274.9780
1610	000251	昌华	1T-15-3204501	湖	相	长	2017-10-09 09:12:15	186.7710	1215.5380
1611	000251	昌华	1T-15-3204515	湖	相	长	2017-10-09 09:11:49	186.7710	1291.7570
1612	000251	昌华	1T-15-3204529	湖	相	闪点	2017-10-09 09:10:43	186.7710	1128.3490
1613	000251	昌华	1T-15-3204532	湖	相	长	2017-10-09 09:14:21	186.7710	1247.1150
1614	000252	马驰	1T-15-3204546	湖	相	长	2017-10-09 09:13:09	192.7480	1262.8060
1615	000252	马驰	1T-15-3204553	湖	相	长	2017-10-09 09:12:47	192.7480	1225.1890
1616	000252	马驰	1T-15-3204567	湖	相	长	2017-10-09 09:11:25	192.7480	1280.9580
1617	000252	马驰	1T-15-3204570	湖	相	长	2017-10-09 09:10:35	192.7480	1195.9980
1618	000252	马驰	1T-15-3204584	湖	相	亿博	2017-10-09 09:14:55	192.7480	1087.6800
1619	000252	马驰	1T-15-3204598	湖	相	长	2017-10-09 09:13:49	192.7480	1255.3060
1620	000253	苗苗	1T-15-3204601	湖	相	长	2017-10-09 09:12:31	189.5160	1239.6090
1621	000253	苗苗	1T-15-3204615	湖	相	长	2017-10-09 09:11:39	189.5160	1276.2220
1622	000253	苗苗	1T-15-3204622	湖	相	长	2017-10-09 09:10:47	189.5160	1210.9440
1623	000253	苗苗	1T-15-3204636	湖	相	长	2017-10-09 09:14:35	189.5160	1287.3910
1624	000253	苗苗	1T-15-3204643	湖	相	闪点	2017-10-09 09:13:23	189.5160	1118.1570
1625	000253	苗苗	1T-15-3204657	湖	相	长	2017-10-09 09:12:07	189.5160	1250.9930
1626	000254	凤鸣	1T-15-3204660	湖	相	长	2017-10-09 09:11:55	191.3180	1266.3660
1627	000254	凤鸣	1T-15-3204674	湖	相	长	2017-10-09 09:10:39	191.3180	1227.8200
1628	000254	凤鸣	1T-15-3204688	湖	相	长	2017-10-09 09:14:23	191.3180	1283.9850
1629	000254	凤鸣	1T-15-3204691	湖	相	长	2017-10-09 09:13:01	191.3180	1202.1750
1630	000254	凤鸣	1T-15-3204705	湖	相	亿博	2017-10-09 09:12:41	191.3180	1071.5000
1631	000254	凤鸣	1T-15-3204712	湖	相	长	2017-10-09 09:11:27	191.3180	1259.6580
1632	000255	花蕾	1T-15-3204726	湖	相	长	2017-10-09 09:10:51	188.1070	1235.1920
1633	000255	花蕾	1T-15-3204739	湖	相	长	2017-10-09 09:14:43	188.1070	1276.8600
1634	000255	花蕾	1T-15-3204743	湖	相	长	2017-10-09 09:13:35	188.1070	1207.8210
